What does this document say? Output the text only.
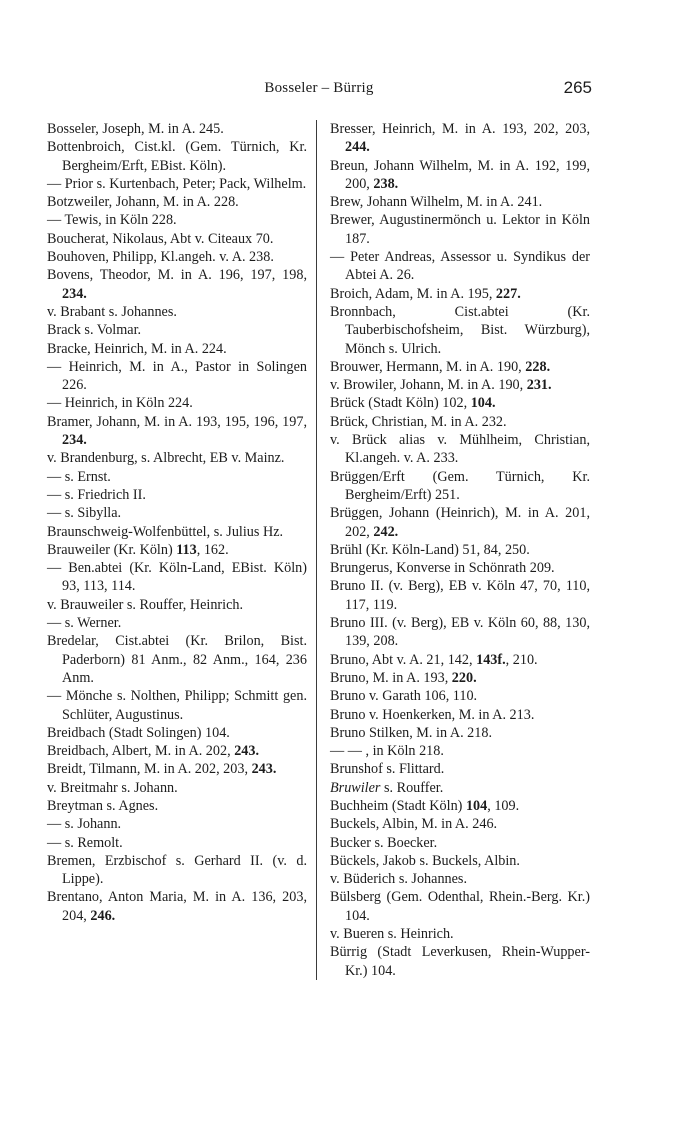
Bosseler – Bürrig	265
Bosseler, Joseph, M. in A. 245.
Bottenbroich, Cist.kl. (Gem. Türnich, Kr. Bergheim/Erft, EBist. Köln).
— Prior s. Kurtenbach, Peter; Pack, Wilhelm.
Botzweiler, Johann, M. in A. 228.
— Tewis, in Köln 228.
Boucherat, Nikolaus, Abt v. Citeaux 70.
Bouhoven, Philipp, Kl.angeh. v. A. 238.
Bovens, Theodor, M. in A. 196, 197, 198, 234.
v. Brabant s. Johannes.
Brack s. Volmar.
Bracke, Heinrich, M. in A. 224.
— Heinrich, M. in A., Pastor in Solingen 226.
— Heinrich, in Köln 224.
Bramer, Johann, M. in A. 193, 195, 196, 197, 234.
v. Brandenburg, s. Albrecht, EB v. Mainz.
— s. Ernst.
— s. Friedrich II.
— s. Sibylla.
Braunschweig-Wolfenbüttel, s. Julius Hz.
Brauweiler (Kr. Köln) 113, 162.
— Ben.abtei (Kr. Köln-Land, EBist. Köln) 93, 113, 114.
v. Brauweiler s. Rouffer, Heinrich.
— s. Werner.
Bredelar, Cist.abtei (Kr. Brilon, Bist. Paderborn) 81 Anm., 82 Anm., 164, 236 Anm.
— Mönche s. Nolthen, Philipp; Schmitt gen. Schlüter, Augustinus.
Breidbach (Stadt Solingen) 104.
Breidbach, Albert, M. in A. 202, 243.
Breidt, Tilmann, M. in A. 202, 203, 243.
v. Breitmahr s. Johann.
Breytman s. Agnes.
— s. Johann.
— s. Remolt.
Bremen, Erzbischof s. Gerhard II. (v. d. Lippe).
Brentano, Anton Maria, M. in A. 136, 203, 204, 246.
Bresser, Heinrich, M. in A. 193, 202, 203, 244.
Breun, Johann Wilhelm, M. in A. 192, 199, 200, 238.
Brew, Johann Wilhelm, M. in A. 241.
Brewer, Augustinermönch u. Lektor in Köln 187.
— Peter Andreas, Assessor u. Syndikus der Abtei A. 26.
Broich, Adam, M. in A. 195, 227.
Bronnbach, Cist.abtei (Kr. Tauberbischofsheim, Bist. Würzburg), Mönch s. Ulrich.
Brouwer, Hermann, M. in A. 190, 228.
v. Browiler, Johann, M. in A. 190, 231.
Brück (Stadt Köln) 102, 104.
Brück, Christian, M. in A. 232.
v. Brück alias v. Mühlheim, Christian, Kl.angeh. v. A. 233.
Brüggen/Erft (Gem. Türnich, Kr. Bergheim/Erft) 251.
Brüggen, Johann (Heinrich), M. in A. 201, 202, 242.
Brühl (Kr. Köln-Land) 51, 84, 250.
Brungerus, Konverse in Schönrath 209.
Bruno II. (v. Berg), EB v. Köln 47, 70, 110, 117, 119.
Bruno III. (v. Berg), EB v. Köln 60, 88, 130, 139, 208.
Bruno, Abt v. A. 21, 142, 143f., 210.
Bruno, M. in A. 193, 220.
Bruno v. Garath 106, 110.
Bruno v. Hoenkerken, M. in A. 213.
Bruno Stilken, M. in A. 218.
— — , in Köln 218.
Brunshof s. Flittard.
Bruwiler s. Rouffer.
Buchheim (Stadt Köln) 104, 109.
Buckels, Albin, M. in A. 246.
Bucker s. Boecker.
Bückels, Jakob s. Buckels, Albin.
v. Büderich s. Johannes.
Bülsberg (Gem. Odenthal, Rhein.-Berg. Kr.) 104.
v. Bueren s. Heinrich.
Bürrig (Stadt Leverkusen, Rhein-Wupper-Kr.) 104.
